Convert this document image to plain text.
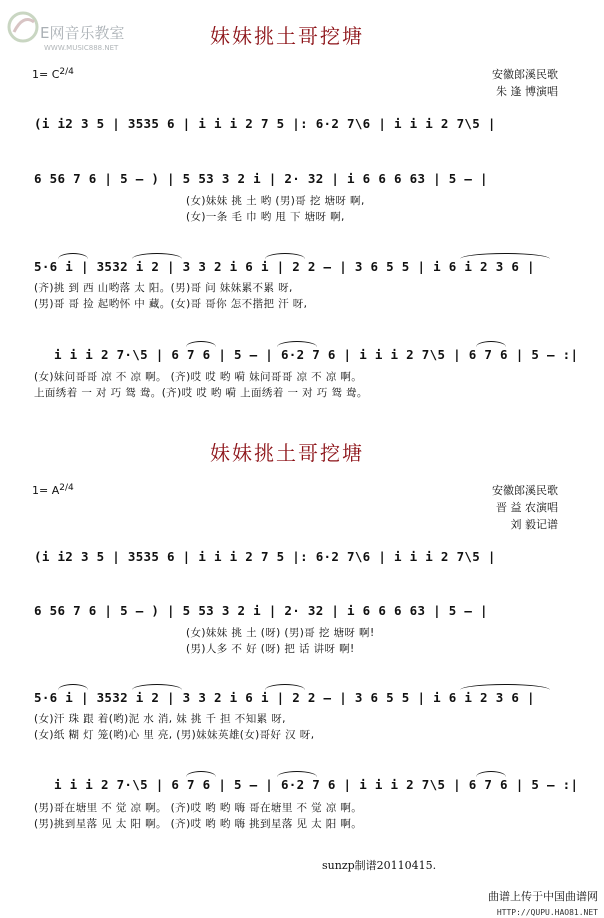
E网音乐教室
WWW.MUSIC888.NET	妹妹挑土哥挖塘
$1= C^{2/4}$	安徽郎溪民歌
朱 逢 博演唱
(i i2 3 5 | 3535 6 | i i i 2 7 5 |: 6·2 7\6 | i i i 2 7\5 |
6 56 7 6 | 5 – ) | 5 53 3 2 i | 2· 32 | i 6 6 6 63 | 5 – |
(女)妹妹 挑 土 哟 (男)哥 挖 塘呀 啊,
(女)一条 毛 巾 哟 甩 下 塘呀 啊,
5·6 i | 3532 i 2 | 3 3 2 i 6 i | 2 2 – | 3 6 5 5 | i 6 i 2 3 6 |
(齐)挑 到 西 山哟落 太 阳。(男)哥 问 妹妹累不累 呀,
(男)哥 哥 捡 起哟怀 中 藏。(女)哥 哥你 怎不揩把 汗 呀,
i i i 2 7·\5 | 6 7 6 | 5 – | 6·2 7 6 | i i i 2 7\5 | 6 7 6 | 5 – :|
(女)妹问哥哥 凉 不 凉 啊。 (齐)哎 哎 哟 嗬 妹问哥哥 凉 不 凉 啊。
上面绣着 一 对 巧 鸳 鸯。(齐)哎 哎 哟 嗬 上面绣着 一 对 巧 鸳 鸯。
妹妹挑土哥挖塘
$1= A^{2/4}$	安徽郎溪民歌
晋 益 农演唱
刘 毅记谱
(i i2 3 5 | 3535 6 | i i i 2 7 5 |: 6·2 7\6 | i i i 2 7\5 |
6 56 7 6 | 5 – ) | 5 53 3 2 i | 2· 32 | i 6 6 6 63 | 5 – |
(女)妹妹 挑 土 (呀) (男)哥 挖 塘呀 啊!
(男)人多 不 好 (呀) 把 话 讲呀 啊!
5·6 i | 3532 i 2 | 3 3 2 i 6 i | 2 2 – | 3 6 5 5 | i 6 i 2 3 6 |
(女)汗 珠 跟 着(哟)泥 水 消, 妹 挑 千 担 不知累 呀,
(女)纸 糊 灯 笼(哟)心 里 亮, (男)妹妹英雄(女)哥好 汉 呀,
i i i 2 7·\5 | 6 7 6 | 5 – | 6·2 7 6 | i i i 2 7\5 | 6 7 6 | 5 – :|
(男)哥在塘里 不 觉 凉 啊。 (齐)哎 哟 哟 嗨 哥在塘里 不 觉 凉 啊。
(男)挑到星落 见 太 阳 啊。 (齐)哎 哟 哟 嗨 挑到星落 见 太 阳 啊。
sunzp制谱20110415.
曲谱上传于中国曲谱网
HTTP://QUPU.HAO81.NET
